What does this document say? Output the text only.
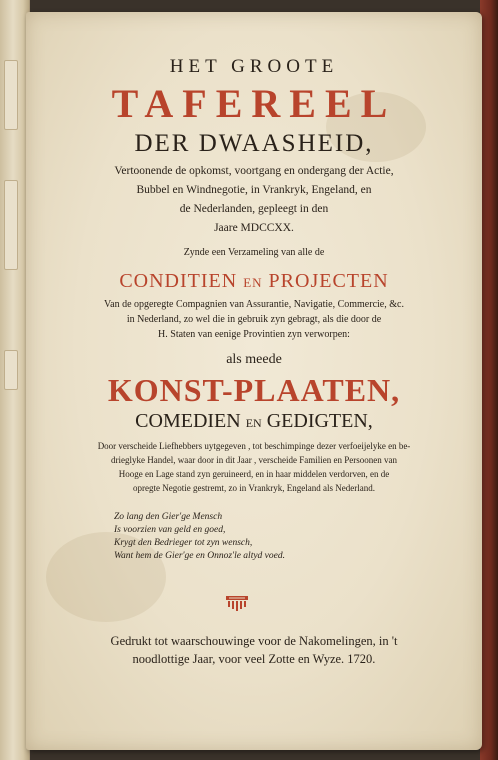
HET GROOTE
TAFEREEL
DER DWAASHEID,
Vertoonende de opkomst, voortgang en ondergang der Actie,
Bubbel en Windnegotie, in Vrankryk, Engeland, en
de Nederlanden, gepleegt in den
Jaare MDCCXX.
Zynde een Verzameling van alle de
CONDITIEN EN PROJECTEN
Van de opgeregte Compagnien van Assurantie, Navigatie, Commercie, &c.
in Nederland, zo wel die in gebruik zyn gebragt, als die door de
H. Staten van eenige Provintien zyn verworpen:
als meede
KONST-PLAATEN,
COMEDIEN EN GEDIGTEN,
Door verscheide Liefhebbers uytgegeven , tot beschimpinge dezer verfoeijelyke en be-
drieglyke Handel, waar door in dit Jaar , verscheide Familien en Persoonen van
Hooge en Lage stand zyn geruineerd, en in haar middelen verdorven, en de
opregte Negotie gestremt, zo in Vrankryk, Engeland als Nederland.
Zo lang den Gier'ge Mensch
Is voorzien van geld en goed,
Krygt den Bedrieger tot zyn wensch,
Want hem de Gier'ge en Onnoz'le altyd voed.
Gedrukt tot waarschouwinge voor de Nakomelingen, in 't
noodlottige Jaar, voor veel Zotte en Wyze. 1720.
